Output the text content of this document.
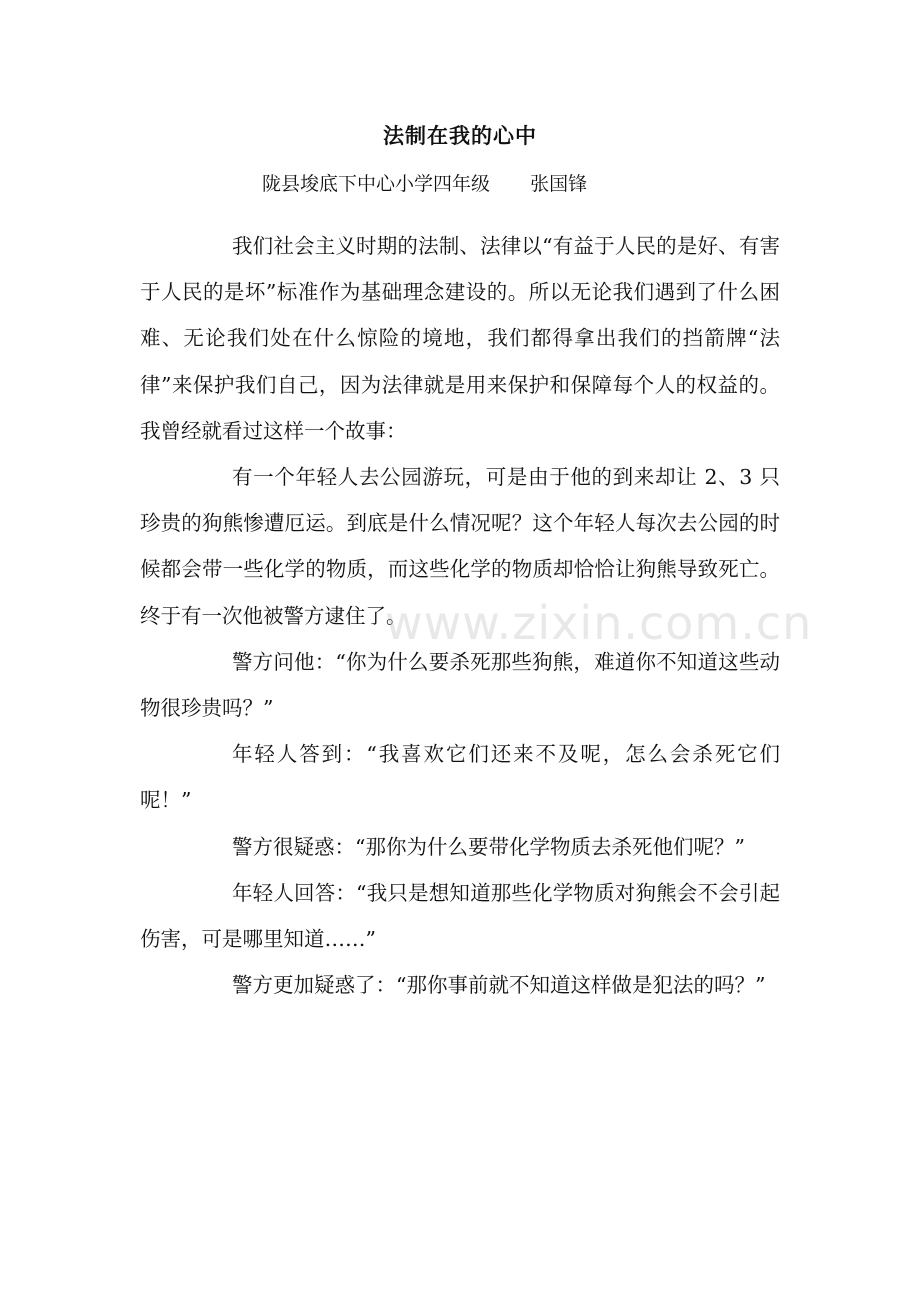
法制在我的心中
陇县埈底下中心小学四年级 张国锋

我们社会主义时期的法制、法律以“有益于人民的是好、有害于人民的是坏”标准作为基础理念建设的。所以无论我们遇到了什么困难、无论我们处在什么惊险的境地，我们都得拿出我们的挡箭牌“法律”来保护我们自己，因为法律就是用来保护和保障每个人的权益的。 我曾经就看过这样一个故事：

有一个年轻人去公园游玩，可是由于他的到来却让 2、3 只珍贵的狗熊惨遭厄运。到底是什么情况呢？这个年轻人每次去公园的时候都会带一些化学的物质，而这些化学的物质却恰恰让狗熊导致死亡。终于有一次他被警方逮住了。

警方问他：“你为什么要杀死那些狗熊，难道你不知道这些动物很珍贵吗？”

年轻人答到：“我喜欢它们还来不及呢，怎么会杀死它们呢！”

警方很疑惑：“那你为什么要带化学物质去杀死他们呢？”

年轻人回答：“我只是想知道那些化学物质对狗熊会不会引起伤害，可是哪里知道……”

警方更加疑惑了：“那你事前就不知道这样做是犯法的吗？”

www.zixin.com.cn
